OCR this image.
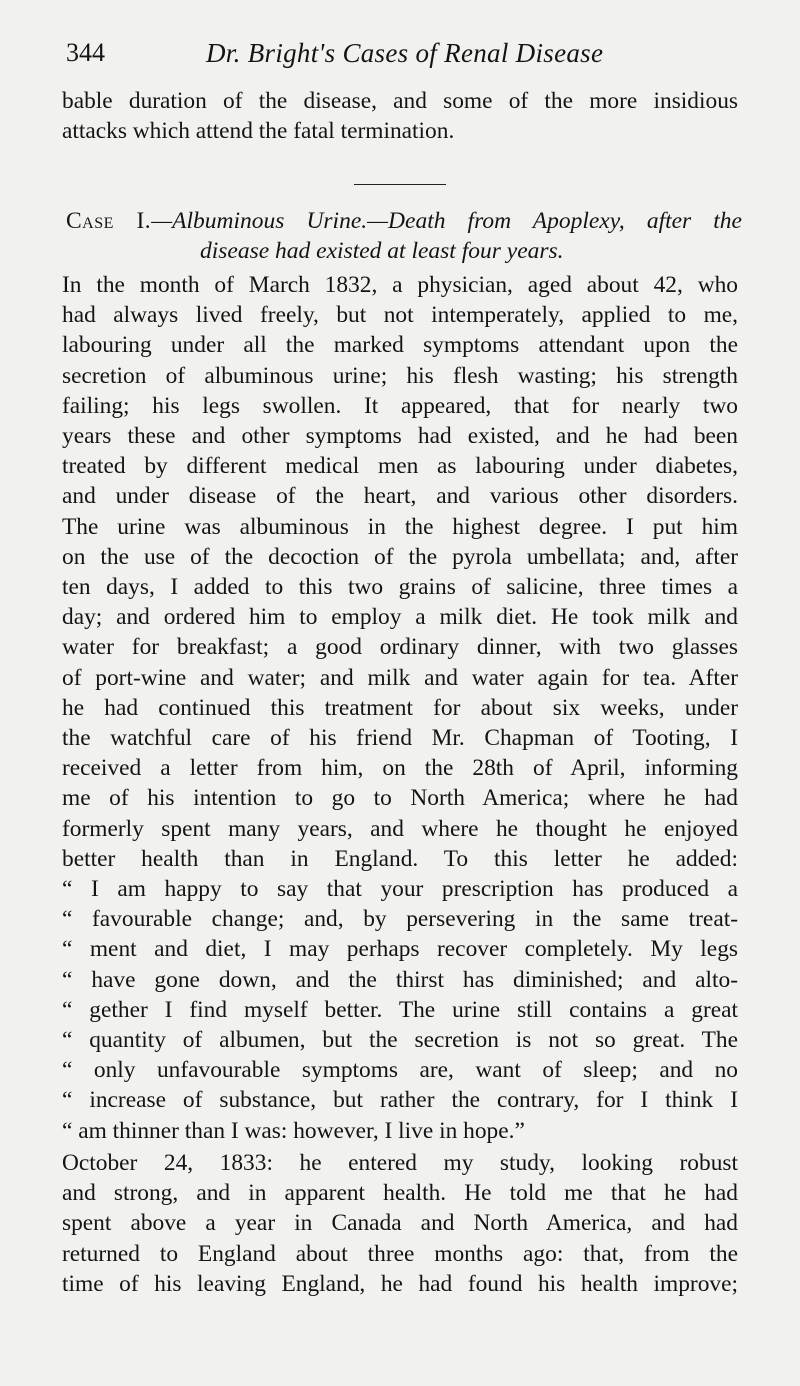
344	Dr. Bright's Cases of Renal Disease

bable duration of the disease, and some of the more insidious

attacks which attend the fatal termination.

Case I.—Albuminous Urine.—Death from Apoplexy, after the
disease had existed at least four years.

In the month of March 1832, a physician, aged about 42, who

had always lived freely, but not intemperately, applied to me,

labouring under all the marked symptoms attendant upon the

secretion of albuminous urine; his flesh wasting; his strength

failing; his legs swollen. It appeared, that for nearly two

years these and other symptoms had existed, and he had been

treated by different medical men as labouring under diabetes,

and under disease of the heart, and various other disorders.

The urine was albuminous in the highest degree. I put him

on the use of the decoction of the pyrola umbellata; and, after

ten days, I added to this two grains of salicine, three times a

day; and ordered him to employ a milk diet. He took milk and

water for breakfast; a good ordinary dinner, with two glasses

of port-wine and water; and milk and water again for tea. After

he had continued this treatment for about six weeks, under

the watchful care of his friend Mr. Chapman of Tooting, I

received a letter from him, on the 28th of April, informing

me of his intention to go to North America; where he had

formerly spent many years, and where he thought he enjoyed

better health than in England. To this letter he added:

“ I am happy to say that your prescription has produced a

“ favourable change; and, by persevering in the same treat-

“ ment and diet, I may perhaps recover completely. My legs

“ have gone down, and the thirst has diminished; and alto-

“ gether I find myself better. The urine still contains a great

“ quantity of albumen, but the secretion is not so great. The

“ only unfavourable symptoms are, want of sleep; and no

“ increase of substance, but rather the contrary, for I think I

“ am thinner than I was: however, I live in hope.”

October 24, 1833: he entered my study, looking robust

and strong, and in apparent health. He told me that he had

spent above a year in Canada and North America, and had

returned to England about three months ago: that, from the

time of his leaving England, he had found his health improve;
